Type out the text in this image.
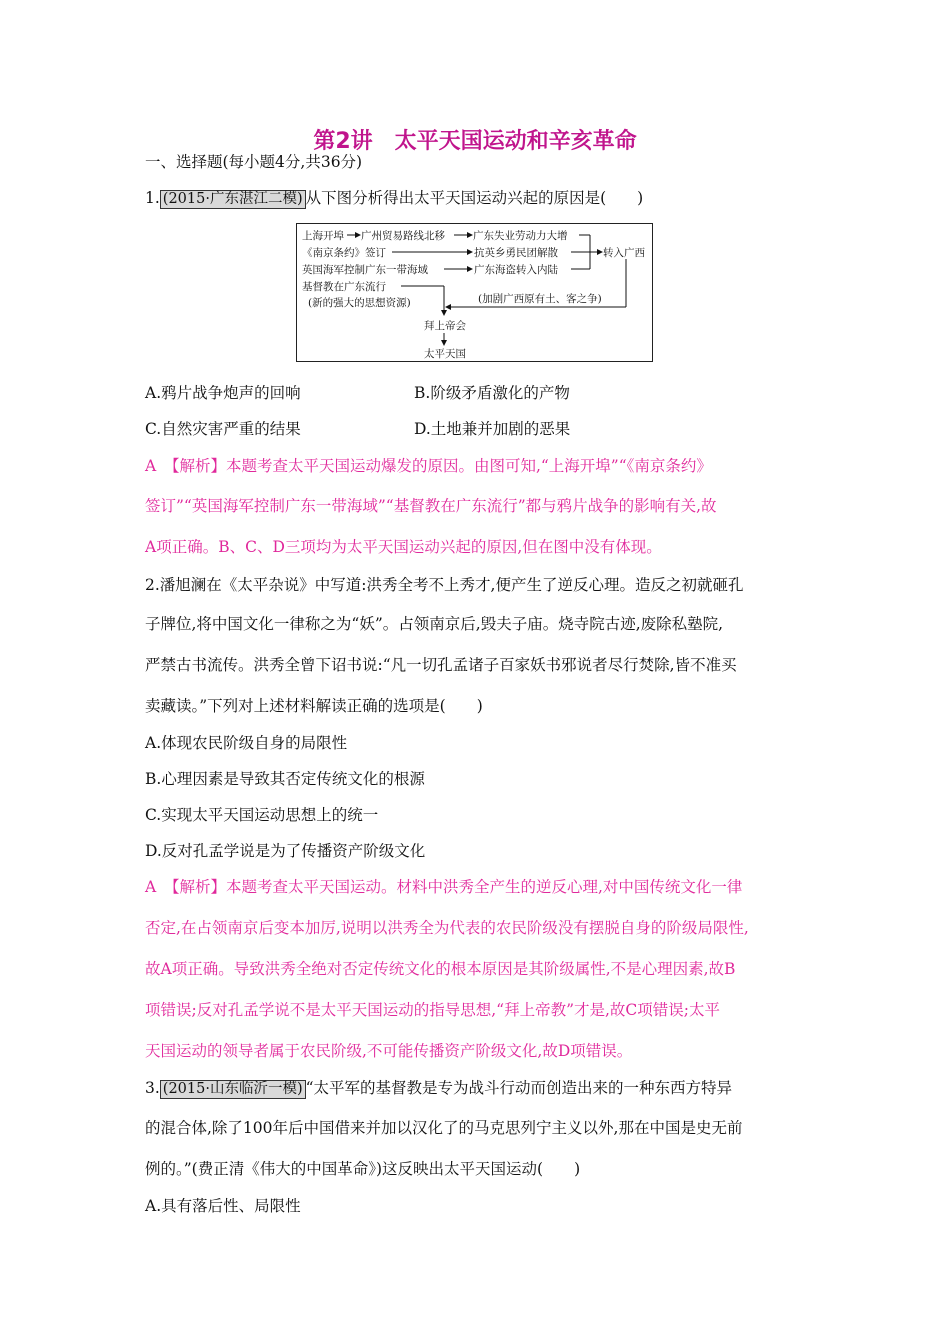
第2讲　太平天国运动和辛亥革命
一、选择题(每小题4分,共36分)
1. (2015·广东湛江二模) 从下图分析得出太平天国运动兴起的原因是(　　)
上海开埠 广州贸易路线北移	广东失业劳动力大增
《南京条约》签订	抗英乡勇民团解散
英国海军控制广东一带海域	广东海盗转入内陆
转入广西
基督教在广东流行
(新的强大的思想资源)	(加剧广西原有土、客之争)
拜上帝会
太平天国
A.鸦片战争炮声的回响	B.阶级矛盾激化的产物
C.自然灾害严重的结果	D.土地兼并加剧的恶果
A　【解析】本题考查太平天国运动爆发的原因。由图可知,“上海开埠”“《南京条约》
签订”“英国海军控制广东一带海域”“基督教在广东流行”都与鸦片战争的影响有关,故
A项正确。B、C、D三项均为太平天国运动兴起的原因,但在图中没有体现。
2.潘旭澜在《太平杂说》中写道:洪秀全考不上秀才,便产生了逆反心理。造反之初就砸孔
子牌位,将中国文化一律称之为“妖”。占领南京后,毁夫子庙。烧寺院古迹,废除私塾院,
严禁古书流传。洪秀全曾下诏书说:“凡一切孔孟诸子百家妖书邪说者尽行焚除,皆不准买
卖藏读。”下列对上述材料解读正确的选项是(　　)
A.体现农民阶级自身的局限性
B.心理因素是导致其否定传统文化的根源
C.实现太平天国运动思想上的统一
D.反对孔孟学说是为了传播资产阶级文化
A　【解析】本题考查太平天国运动。材料中洪秀全产生的逆反心理,对中国传统文化一律
否定,在占领南京后变本加厉,说明以洪秀全为代表的农民阶级没有摆脱自身的阶级局限性,
故A项正确。导致洪秀全绝对否定传统文化的根本原因是其阶级属性,不是心理因素,故B
项错误;反对孔孟学说不是太平天国运动的指导思想,“拜上帝教”才是,故C项错误;太平
天国运动的领导者属于农民阶级,不可能传播资产阶级文化,故D项错误。
3. (2015·山东临沂一模) “太平军的基督教是专为战斗行动而创造出来的一种东西方特异
的混合体,除了100年后中国借来并加以汉化了的马克思列宁主义以外,那在中国是史无前
例的。”(费正清《伟大的中国革命》)这反映出太平天国运动(　　)
A.具有落后性、局限性
